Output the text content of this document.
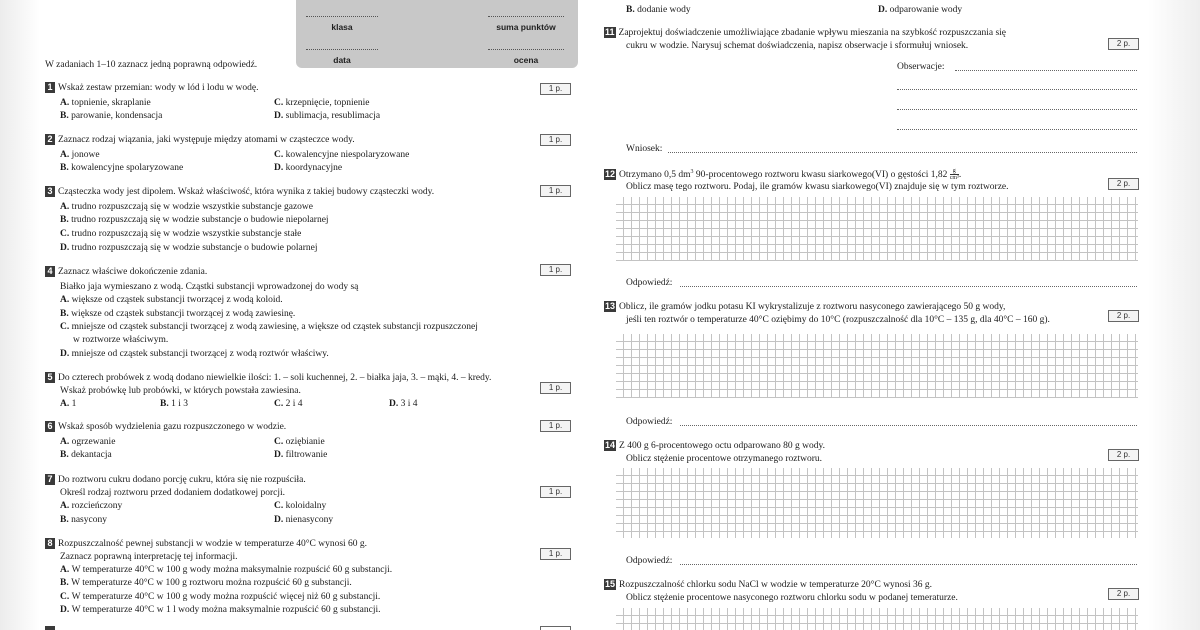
klasa	suma punktów
data	ocena
W zadaniach 1–10 zaznacz jedną poprawną odpowiedź.
1 Wskaż zestaw przemian: wody w lód i lodu w wodę.	1 p.
A. topnienie, skraplanie	C. krzepnięcie, topnienie
B. parowanie, kondensacja	D. sublimacja, resublimacja
2 Zaznacz rodzaj wiązania, jaki występuje między atomami w cząsteczce wody.	1 p.
A. jonowe	C. kowalencyjne niespolaryzowane
B. kowalencyjne spolaryzowane	D. koordynacyjne
3 Cząsteczka wody jest dipolem. Wskaż właściwość, która wynika z takiej budowy cząsteczki wody.	1 p.
A. trudno rozpuszczają się w wodzie wszystkie substancje gazowe
B. trudno rozpuszczają się w wodzie substancje o budowie niepolarnej
C. trudno rozpuszczają się w wodzie wszystkie substancje stałe
D. trudno rozpuszczają się w wodzie substancje o budowie polarnej
4 Zaznacz właściwe dokończenie zdania.	1 p.
Białko jaja wymieszano z wodą. Cząstki substancji wprowadzonej do wody są
A. większe od cząstek substancji tworzącej z wodą koloid.
B. większe od cząstek substancji tworzącej z wodą zawiesinę.
C. mniejsze od cząstek substancji tworzącej z wodą zawiesinę, a większe od cząstek substancji rozpuszczonej
w roztworze właściwym.
D. mniejsze od cząstek substancji tworzącej z wodą roztwór właściwy.
5 Do czterech probówek z wodą dodano niewielkie ilości: 1. – soli kuchennej, 2. – białka jaja, 3. – mąki, 4. – kredy.
1 p.
Wskaż probówkę lub probówki, w których powstała zawiesina.
A. 1	B. 1 i 3	C. 2 i 4	D. 3 i 4
6 Wskaż sposób wydzielenia gazu rozpuszczonego w wodzie.	1 p.
A. ogrzewanie	C. oziębianie
B. dekantacja	D. filtrowanie
7 Do roztworu cukru dodano porcję cukru, która się nie rozpuściła.
1 p.
Określ rodzaj roztworu przed dodaniem dodatkowej porcji.
A. rozcieńczony	C. koloidalny
B. nasycony	D. nienasycony
8 Rozpuszczalność pewnej substancji w wodzie w temperaturze 40°C wynosi 60 g.
1 p.
Zaznacz poprawną interpretację tej informacji.
A. W temperaturze 40°C w 100 g wody można maksymalnie rozpuścić 60 g substancji.
B. W temperaturze 40°C w 100 g roztworu można rozpuścić 60 g substancji.
C. W temperaturze 40°C w 100 g wody można rozpuścić więcej niż 60 g substancji.
D. W temperaturze 40°C w 1 l wody można maksymalnie rozpuścić 60 g substancji.
B. dodanie wody	D. odparowanie wody
11 Zaprojektuj doświadczenie umożliwiające zbadanie wpływu mieszania na szybkość rozpuszczania się
cukru w wodzie. Narysuj schemat doświadczenia, napisz obserwacje i sformułuj wniosek.	2 p.
Obserwacje:
Wniosek:
12 Otrzymano 0,5 $dm^3$ 90-procentowego roztworu kwasu siarkowego(VI) o gęstości $1,82 \frac{g}{\text{cm³}}$ .
Oblicz masę tego roztworu. Podaj, ile gramów kwasu siarkowego(VI) znajduje się w tym roztworze.	2 p.
Odpowiedź:
13 Oblicz, ile gramów jodku potasu KI wykrystalizuje z roztworu nasyconego zawierającego 50 g wody,
jeśli ten roztwór o temperaturze 40°C oziębimy do 10°C (rozpuszczalność dla 10°C – 135 g, dla 40°C – 160 g).	2 p.
Odpowiedź:
14 Z 400 g 6-procentowego octu odparowano 80 g wody.
Oblicz stężenie procentowe otrzymanego roztworu.	2 p.
Odpowiedź:
15 Rozpuszczalność chlorku sodu NaCl w wodzie w temperaturze 20°C wynosi 36 g.
Oblicz stężenie procentowe nasyconego roztworu chlorku sodu w podanej temeraturze.	2 p.
